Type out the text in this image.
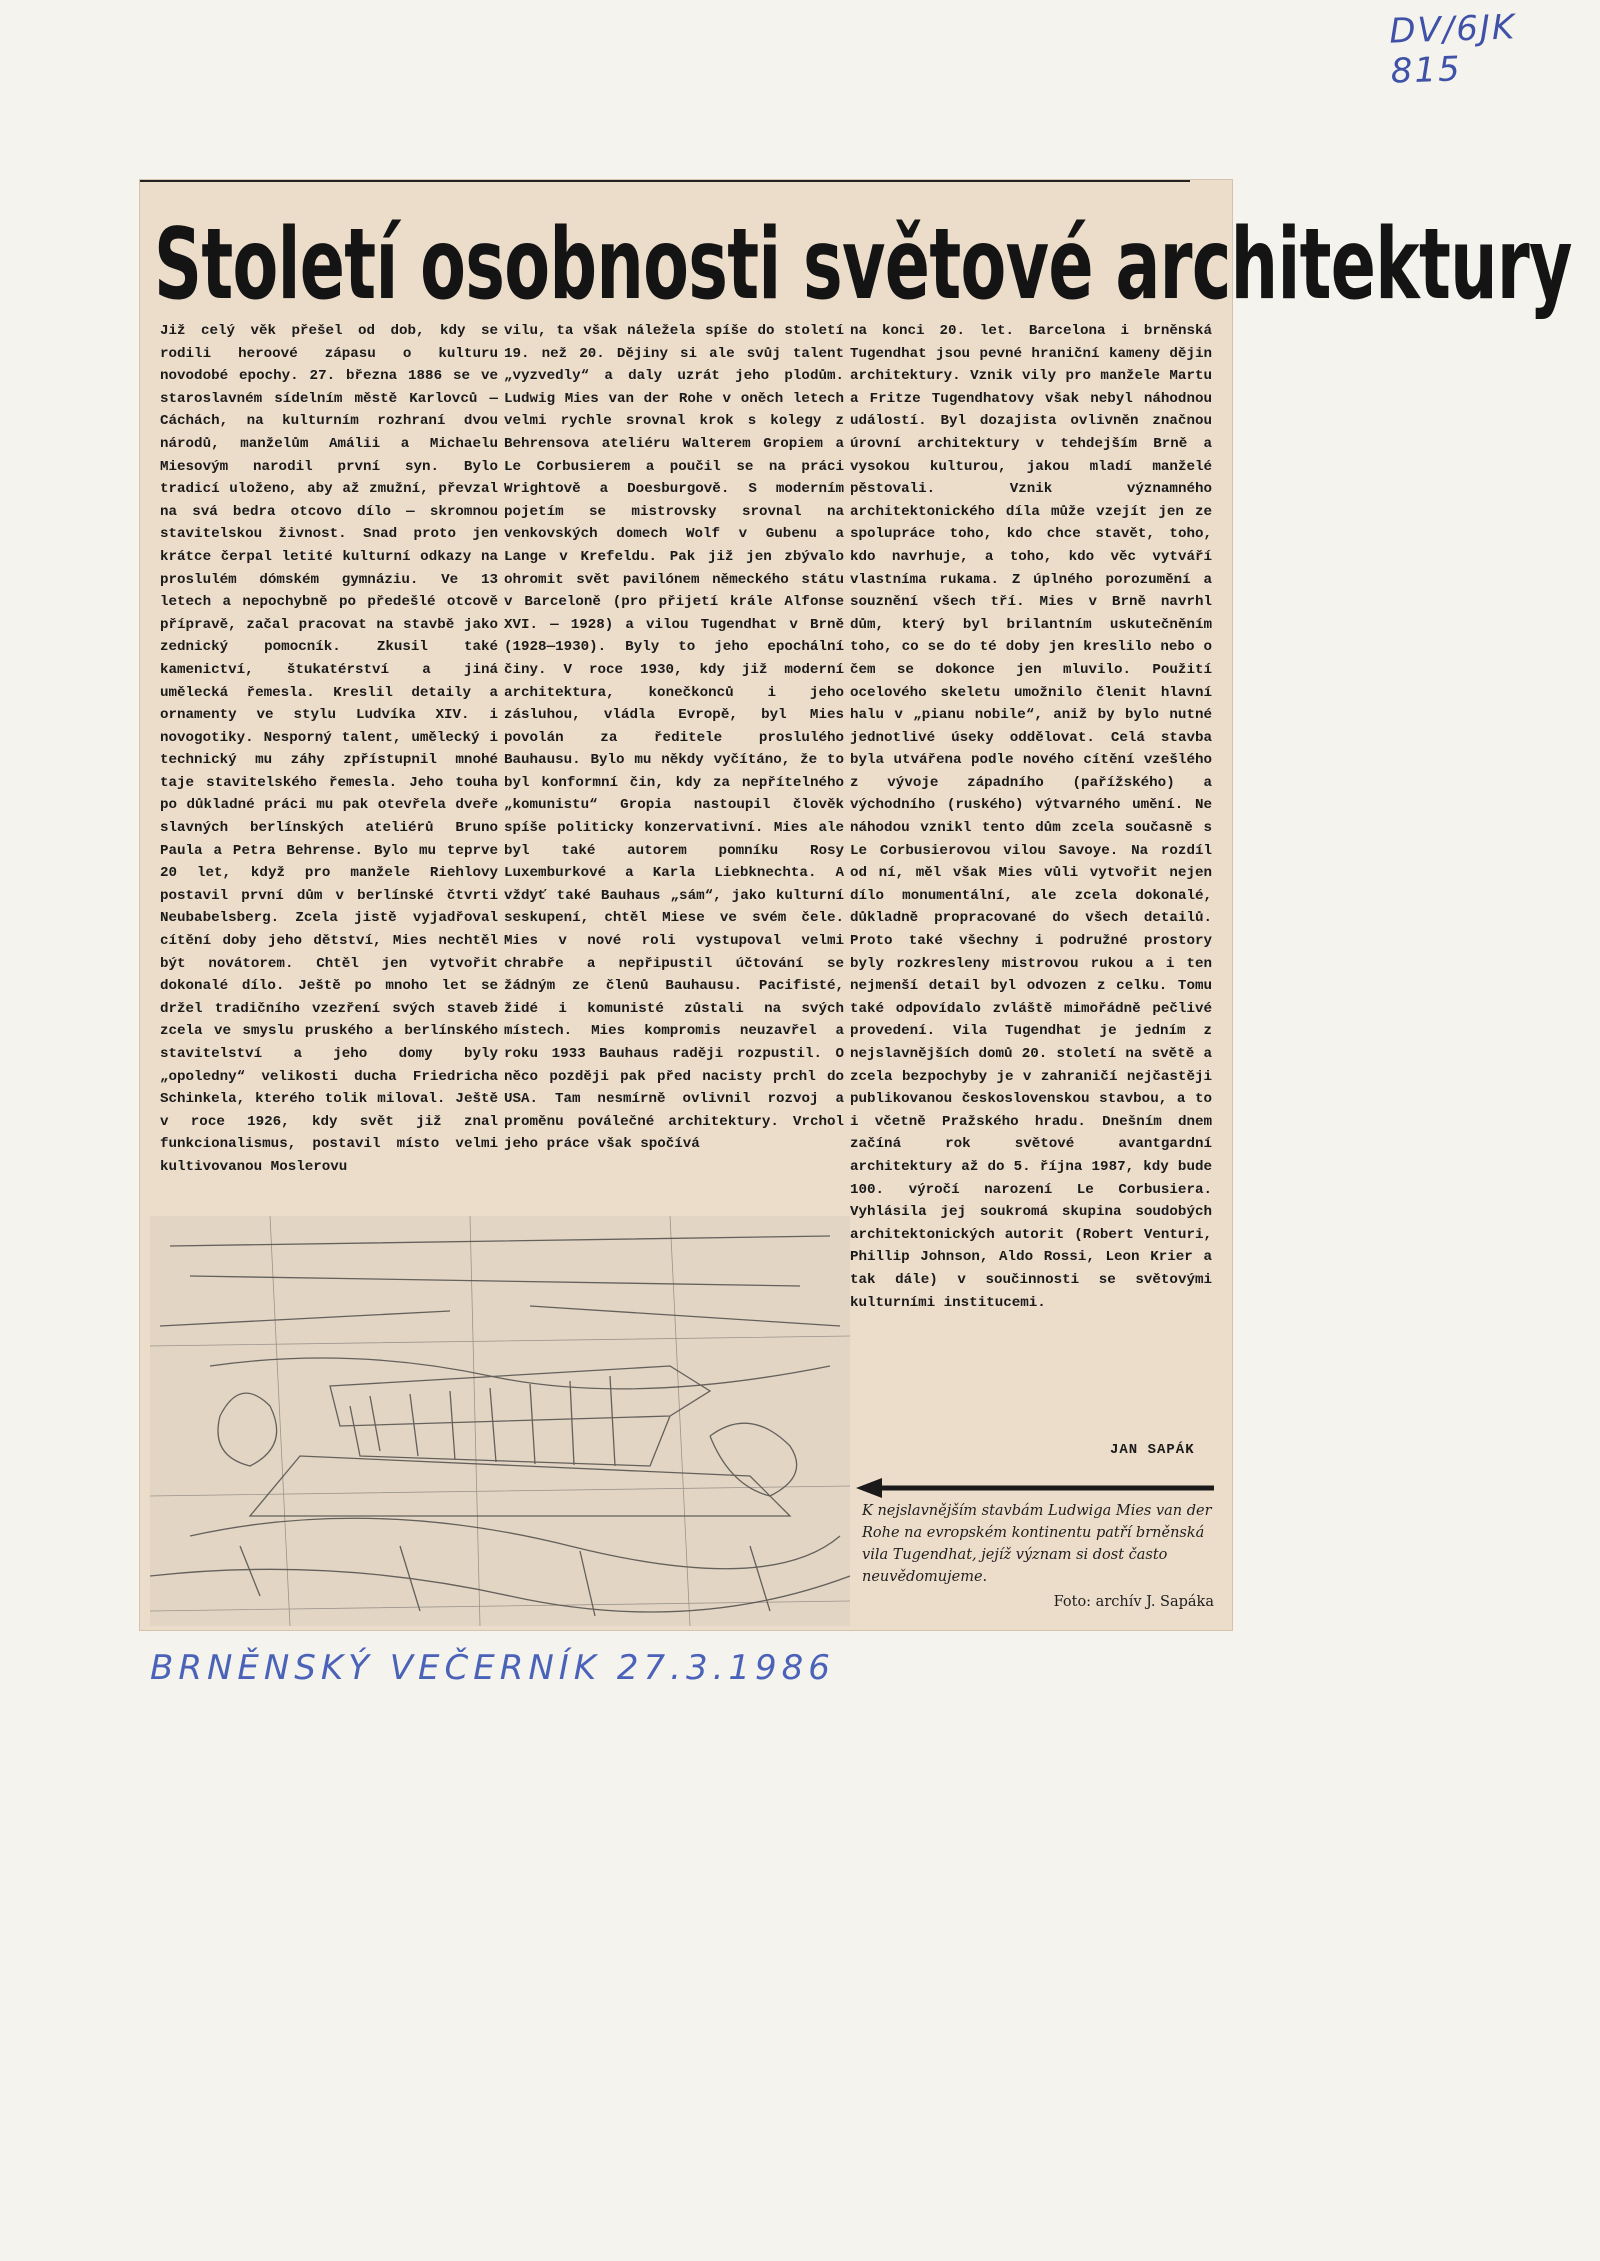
DV/6JK 815
Století osobnosti světové architektury
Již celý věk přešel od dob, kdy se rodili heroové zápasu o kulturu novodobé epochy. 27. března 1886 se ve staroslavném sídelním městě Karlovců — Cáchách, na kulturním rozhraní dvou národů, manželům Amálii a Michaelu Miesovým narodil první syn. Bylo tradicí uloženo, aby až zmužní, převzal na svá bedra otcovo dílo — skromnou stavitelskou živnost. Snad proto jen krátce čerpal letité kulturní odkazy na proslulém dómském gymnáziu. Ve 13 letech a nepochybně po předešlé otcově přípravě, začal pracovat na stavbě jako zednický pomocník. Zkusil také kamenictví, štukatérství a jiná umělecká řemesla. Kreslil detaily a ornamenty ve stylu Ludvíka XIV. i novogotiky. Nesporný talent, umělecký i technický mu záhy zpřístupnil mnohé taje stavitelského řemesla. Jeho touha po důkladné práci mu pak otevřela dveře slavných berlínských ateliérů Bruno Paula a Petra Behrense. Bylo mu teprve 20 let, když pro manžele Riehlovy postavil první dům v berlínské čtvrti Neubabelsberg. Zcela jistě vyjadřoval cítění doby jeho dětství, Mies nechtěl být novátorem. Chtěl jen vytvořit dokonalé dílo. Ještě po mnoho let se držel tradičního vzezření svých staveb zcela ve smyslu pruského a berlínského stavitelství a jeho domy byly „opoledny“ velikosti ducha Friedricha Schinkela, kterého tolik miloval. Ještě v roce 1926, kdy svět již znal funkcionalismus, postavil místo velmi kultivovanou Moslerovu
vilu, ta však náležela spíše do století 19. než 20. Dějiny si ale svůj talent „vyzvedly“ a daly uzrát jeho plodům. Ludwig Mies van der Rohe v oněch letech velmi rychle srovnal krok s kolegy z Behrensova ateliéru Walterem Gropiem a Le Corbusierem a poučil se na práci Wrightově a Doesburgově. S moderním pojetím se mistrovsky srovnal na venkovských domech Wolf v Gubenu a Lange v Krefeldu. Pak již jen zbývalo ohromit svět pavilónem německého státu v Barceloně (pro přijetí krále Alfonse XVI. — 1928) a vilou Tugendhat v Brně (1928—1930). Byly to jeho epochální činy. V roce 1930, kdy již moderní architektura, konečkonců i jeho zásluhou, vládla Evropě, byl Mies povolán za ředitele proslulého Bauhausu. Bylo mu někdy vyčítáno, že to byl konformní čin, kdy za nepřítelného „komunistu“ Gropia nastoupil člověk spíše politicky konzervativní. Mies ale byl také autorem pomníku Rosy Luxemburkové a Karla Liebknechta. A vždyť také Bauhaus „sám“, jako kulturní seskupení, chtěl Miese ve svém čele. Mies v nové roli vystupoval velmi chrabře a nepřipustil účtování se žádným ze členů Bauhausu. Pacifisté, židé i komunisté zůstali na svých místech. Mies kompromis neuzavřel a roku 1933 Bauhaus raději rozpustil. O něco později pak před nacisty prchl do USA. Tam nesmírně ovlivnil rozvoj a proměnu poválečné architektury. Vrchol jeho práce však spočívá
na konci 20. let. Barcelona i brněnská Tugendhat jsou pevné hraniční kameny dějin architektury. Vznik vily pro manžele Martu a Fritze Tugendhatovy však nebyl náhodnou událostí. Byl dozajista ovlivněn značnou úrovní architektury v tehdejším Brně a vysokou kulturou, jakou mladí manželé pěstovali. Vznik významného architektonického díla může vzejít jen ze spolupráce toho, kdo chce stavět, toho, kdo navrhuje, a toho, kdo věc vytváří vlastníma rukama. Z úplného porozumění a souznění všech tří. Mies v Brně navrhl dům, který byl brilantním uskutečněním toho, co se do té doby jen kreslilo nebo o čem se dokonce jen mluvilo. Použití ocelového skeletu umožnilo členit hlavní halu v „pianu nobile“, aniž by bylo nutné jednotlivé úseky oddělovat. Celá stavba byla utvářena podle nového cítění vzešlého z vývoje západního (pařížského) a východního (ruského) výtvarného umění. Ne náhodou vznikl tento dům zcela současně s Le Corbusierovou vilou Savoye. Na rozdíl od ní, měl však Mies vůli vytvořit nejen dílo monumentální, ale zcela dokonalé, důkladně propracované do všech detailů. Proto také všechny i podružné prostory byly rozkresleny mistrovou rukou a i ten nejmenší detail byl odvozen z celku. Tomu také odpovídalo zvláště mimořádně pečlivé provedení. Vila Tugendhat je jedním z nejslavnějších domů 20. století na světě a zcela bezpochyby je v zahraničí nejčastěji publikovanou československou stavbou, a to i včetně Pražského hradu. Dnešním dnem začíná rok světové avantgardní architektury až do 5. října 1987, kdy bude 100. výročí narození Le Corbusiera. Vyhlásila jej soukromá skupina soudobých architektonických autorit (Robert Venturi, Phillip Johnson, Aldo Rossi, Leon Krier a tak dále) v součinnosti se světovými kulturními institucemi.
JAN SAPÁK
K nejslavnějším stavbám Ludwiga Mies van der Rohe na evropském kontinentu patří brněnská vila Tugendhat, jejíž význam si dost často neuvědomujeme.
Foto: archív J. Sapáka
BRNĚNSKÝ VEČERNÍK 27.3.1986
